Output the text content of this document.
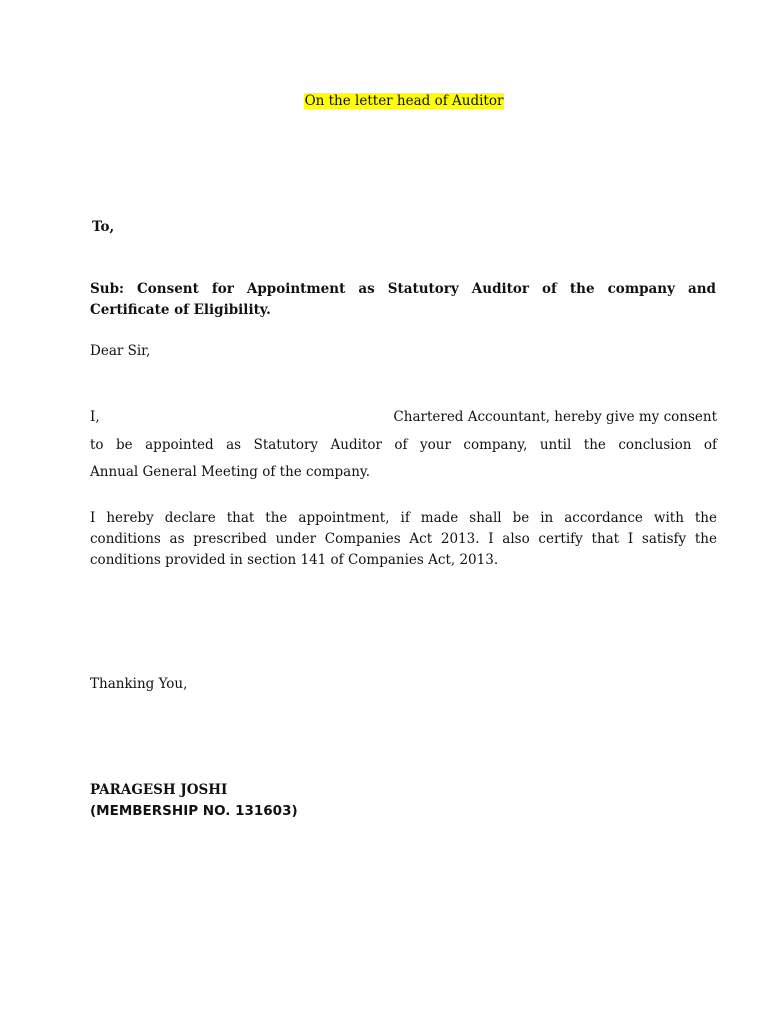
On the letter head of Auditor
To,
Sub: Consent for Appointment as Statutory Auditor of the company and
Certificate of Eligibility.
Dear Sir,
I,	Chartered Accountant, hereby give my consent
to be appointed as Statutory Auditor of your company, until the conclusion of
Annual General Meeting of the company.
I hereby declare that the appointment, if made shall be in accordance with the
conditions as prescribed under Companies Act 2013. I also certify that I satisfy the
conditions provided in section 141 of Companies Act, 2013.
Thanking You,
PARAGESH JOSHI
(MEMBERSHIP NO. 131603)
